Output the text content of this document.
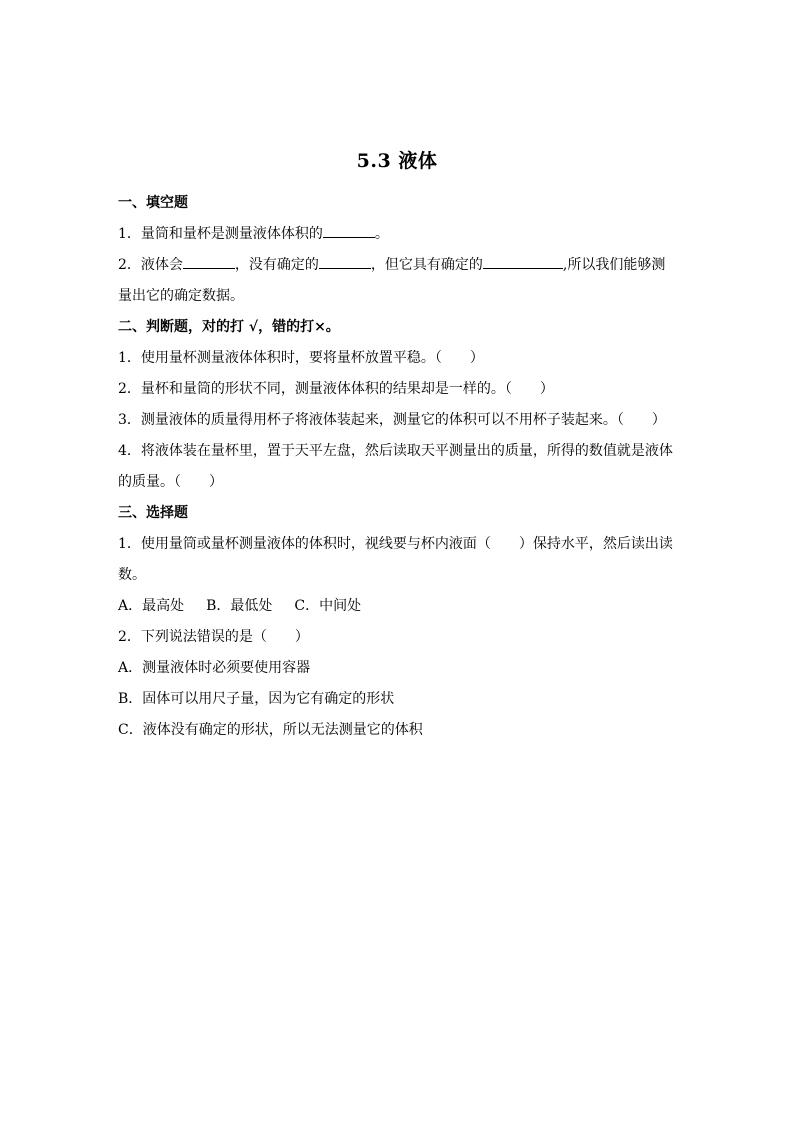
5.3 液体

一、填空题

1．量筒和量杯是测量液体体积的	。

2．液体会	，没有确定的	，但它具有确定的	,所以我们能够测

量出它的确定数据。

二、判断题，对的打 √，错的打×。

1．使用量杯测量液体体积时，要将量杯放置平稳。（　　）

2．量杯和量筒的形状不同，测量液体体积的结果却是一样的。（　　）

3．测量液体的质量得用杯子将液体装起来，测量它的体积可以不用杯子装起来。（　　）

4．将液体装在量杯里，置于天平左盘，然后读取天平测量出的质量，所得的数值就是液体

的质量。（　　）

三、选择题

1．使用量筒或量杯测量液体的体积时，视线要与杯内液面（　　）保持水平，然后读出读

数。

A．最高处 B．最低处 C．中间处

2．下列说法错误的是（　　）

A．测量液体时必须要使用容器

B．固体可以用尺子量，因为它有确定的形状

C．液体没有确定的形状，所以无法测量它的体积
